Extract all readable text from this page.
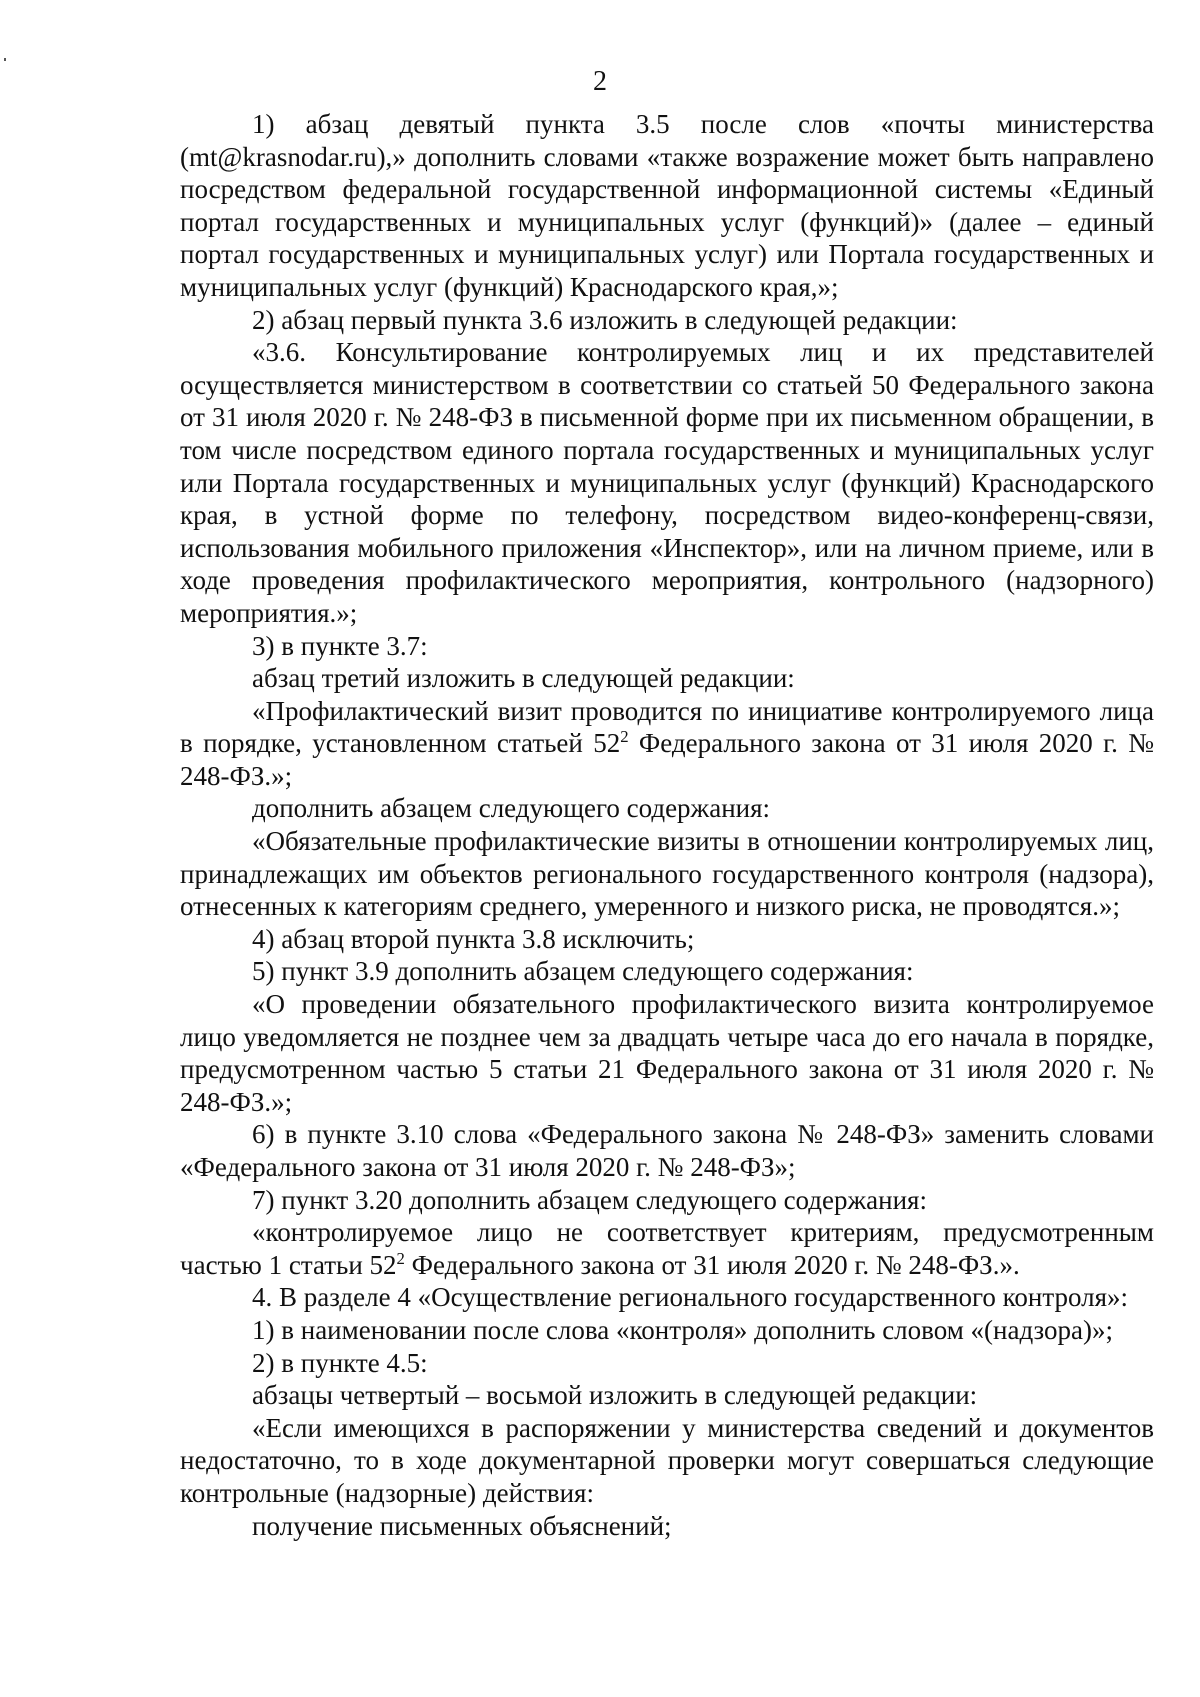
2

1) абзац девятый пункта 3.5 после слов «почты министерства (mt@krasnodar.ru),» дополнить словами «также возражение может быть направлено посредством федеральной государственной информационной системы «Единый портал государственных и муниципальных услуг (функций)» (далее – единый портал государственных и муниципальных услуг) или Портала государственных и муниципальных услуг (функций) Краснодарского края,»;

2) абзац первый пункта 3.6 изложить в следующей редакции:

«3.6. Консультирование контролируемых лиц и их представителей осуществляется министерством в соответствии со статьей 50 Федерального закона от 31 июля 2020 г. № 248-ФЗ в письменной форме при их письменном обращении, в том числе посредством единого портала государственных и муниципальных услуг или Портала государственных и муниципальных услуг (функций) Краснодарского края, в устной форме по телефону, посредством видео-конференц-связи, использования мобильного приложения «Инспектор», или на личном приеме, или в ходе проведения профилактического мероприятия, контрольного (надзорного) мероприятия.»;

3) в пункте 3.7:

абзац третий изложить в следующей редакции:

«Профилактический визит проводится по инициативе контролируемого лица в порядке, установленном статьей $52^2$ Федерального закона от 31 июля 2020 г. № 248-ФЗ.»;

дополнить абзацем следующего содержания:

«Обязательные профилактические визиты в отношении контролируемых лиц, принадлежащих им объектов регионального государственного контроля (надзора), отнесенных к категориям среднего, умеренного и низкого риска, не проводятся.»;

4) абзац второй пункта 3.8 исключить;

5) пункт 3.9 дополнить абзацем следующего содержания:

«О проведении обязательного профилактического визита контролируемое лицо уведомляется не позднее чем за двадцать четыре часа до его начала в порядке, предусмотренном частью 5 статьи 21 Федерального закона от 31 июля 2020 г. № 248-ФЗ.»;

6) в пункте 3.10 слова «Федерального закона № 248-ФЗ» заменить словами «Федерального закона от 31 июля 2020 г. № 248-ФЗ»;

7) пункт 3.20 дополнить абзацем следующего содержания:

«контролируемое лицо не соответствует критериям, предусмотренным частью 1 статьи $52^2$ Федерального закона от 31 июля 2020 г. № 248-ФЗ.».

4. В разделе 4 «Осуществление регионального государственного контроля»:

1) в наименовании после слова «контроля» дополнить словом «(надзора)»;

2) в пункте 4.5:

абзацы четвертый – восьмой изложить в следующей редакции:

«Если имеющихся в распоряжении у министерства сведений и документов недостаточно, то в ходе документарной проверки могут совершаться следующие контрольные (надзорные) действия:

получение письменных объяснений;
